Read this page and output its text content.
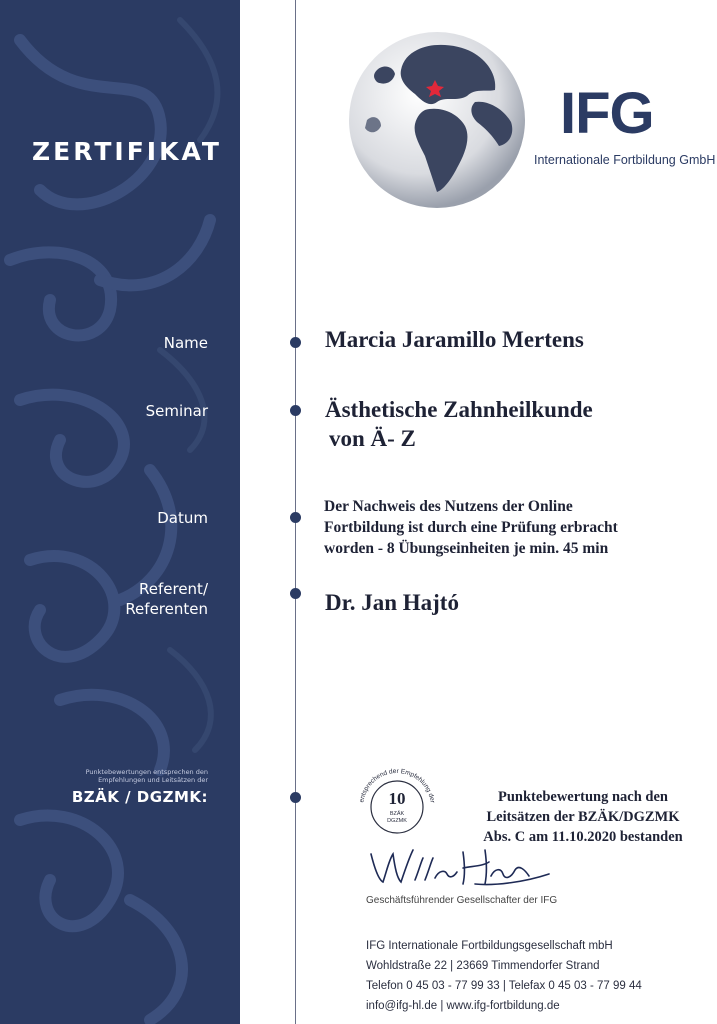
ZERTIFIKAT
Name
Seminar
Datum
Referent/
Referenten
Punktebewertungen entsprechen den
Empfehlungen und Leitsätzen der
BZÄK / DGZMK:
IFG
Internationale Fortbildung GmbH
Marcia Jaramillo Mertens
Ästhetische Zahnheilkunde
von Ä- Z
Der Nachweis des Nutzens der Online
Fortbildung ist durch eine Prüfung erbracht
worden - 8 Übungseinheiten je min. 45 min
Dr. Jan Hajtó
entsprechend der Empfehlung der
10
BZÄK
DGZMK
Punktebewertung nach den
Leitsätzen der BZÄK/DGZMK
Abs. C am 11.10.2020 bestanden
Geschäftsführender Gesellschafter der IFG
IFG Internationale Fortbildungsgesellschaft mbH
Wohldstraße 22 | 23669 Timmendorfer Strand
Telefon 0 45 03 - 77 99 33 | Telefax 0 45 03 - 77 99 44
info@ifg-hl.de | www.ifg-fortbildung.de
